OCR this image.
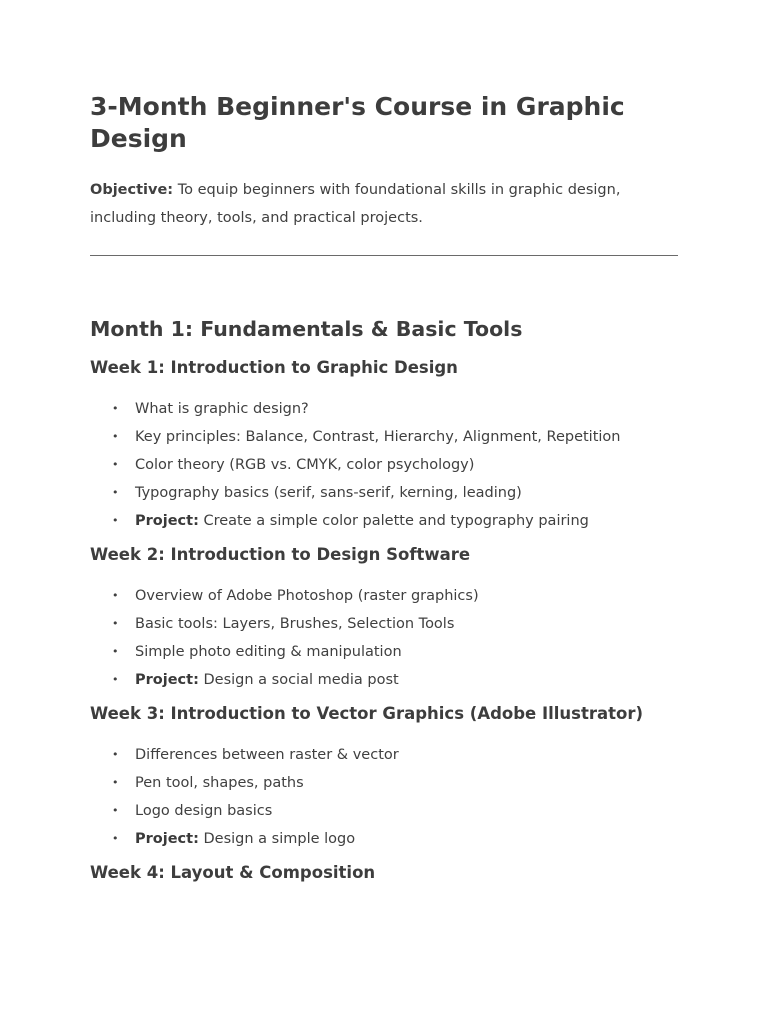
3-Month Beginner's Course in Graphic Design

Objective: To equip beginners with foundational skills in graphic design, including theory, tools, and practical projects.

Month 1: Fundamentals & Basic Tools
Week 1: Introduction to Graphic Design
• What is graphic design?
• Key principles: Balance, Contrast, Hierarchy, Alignment, Repetition
• Color theory (RGB vs. CMYK, color psychology)
• Typography basics (serif, sans-serif, kerning, leading)
• Project: Create a simple color palette and typography pairing
Week 2: Introduction to Design Software
• Overview of Adobe Photoshop (raster graphics)
• Basic tools: Layers, Brushes, Selection Tools
• Simple photo editing & manipulation
• Project: Design a social media post
Week 3: Introduction to Vector Graphics (Adobe Illustrator)
• Differences between raster & vector
• Pen tool, shapes, paths
• Logo design basics
• Project: Design a simple logo
Week 4: Layout & Composition
